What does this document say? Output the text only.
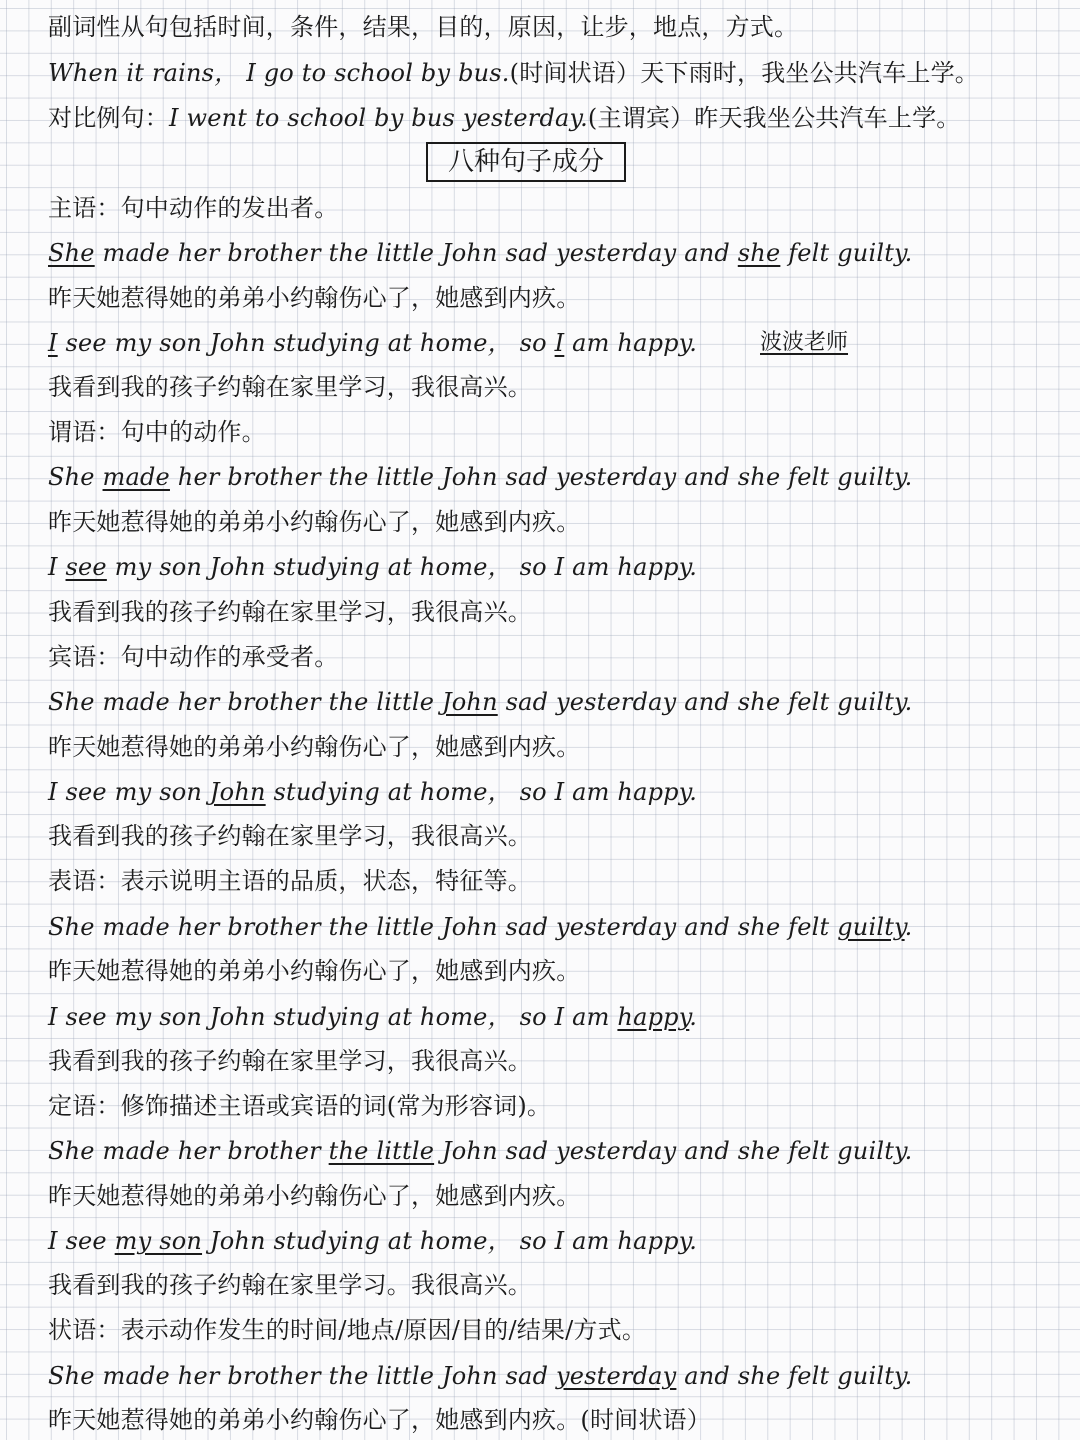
副词性从句包括时间，条件，结果，目的，原因，让步，地点，方式。
When it rains， I go to school by bus.(时间状语）天下雨时，我坐公共汽车上学。
对比例句：I went to school by bus yesterday.(主谓宾）昨天我坐公共汽车上学。
八种句子成分
主语：句中动作的发出者。
She made her brother the little John sad yesterday and she felt guilty.
昨天她惹得她的弟弟小约翰伤心了，她感到内疚。
I see my son John studying at home， so I am happy.	波波老师
我看到我的孩子约翰在家里学习，我很高兴。
谓语：句中的动作。
She made her brother the little John sad yesterday and she felt guilty.
昨天她惹得她的弟弟小约翰伤心了，她感到内疚。
I see my son John studying at home， so I am happy.
我看到我的孩子约翰在家里学习，我很高兴。
宾语：句中动作的承受者。
She made her brother the little John sad yesterday and she felt guilty.
昨天她惹得她的弟弟小约翰伤心了，她感到内疚。
I see my son John studying at home， so I am happy.
我看到我的孩子约翰在家里学习，我很高兴。
表语：表示说明主语的品质，状态，特征等。
She made her brother the little John sad yesterday and she felt guilty.
昨天她惹得她的弟弟小约翰伤心了，她感到内疚。
I see my son John studying at home， so I am happy.
我看到我的孩子约翰在家里学习，我很高兴。
定语：修饰描述主语或宾语的词(常为形容词)。
She made her brother the little John sad yesterday and she felt guilty.
昨天她惹得她的弟弟小约翰伤心了，她感到内疚。
I see my son John studying at home， so I am happy.
我看到我的孩子约翰在家里学习。我很高兴。
状语：表示动作发生的时间/地点/原因/目的/结果/方式。
She made her brother the little John sad yesterday and she felt guilty.
昨天她惹得她的弟弟小约翰伤心了，她感到内疚。(时间状语）
